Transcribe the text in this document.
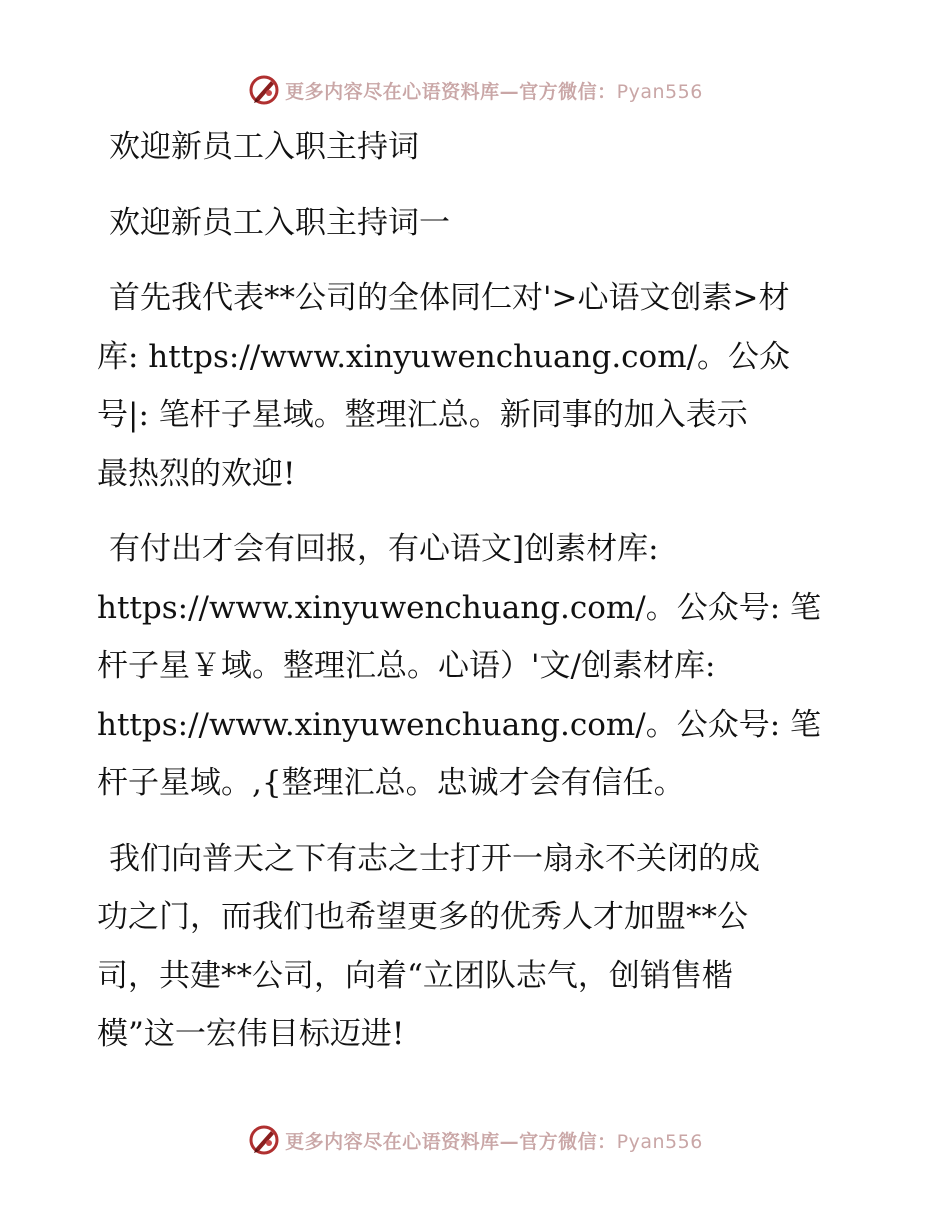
更多内容尽在心语资料库—官方微信：Pyan556
欢迎新员工入职主持词
欢迎新员工入职主持词一
首先我代表**公司的全体同仁对'>心语文创素>材
库: https://www.xinyuwenchuang.com/。公众
号|: 笔杆子星域。整理汇总。新同事的加入表示
最热烈的欢迎!
有付出才会有回报，有心语文]创素材库:
https://www.xinyuwenchuang.com/。公众号: 笔
杆子星￥域。整理汇总。心语）'文/创素材库:
https://www.xinyuwenchuang.com/。公众号: 笔
杆子星域。,{整理汇总。忠诚才会有信任。
我们向普天之下有志之士打开一扇永不关闭的成
功之门，而我们也希望更多的优秀人才加盟**公
司，共建**公司，向着“立团队志气，创销售楷
模”这一宏伟目标迈进!
更多内容尽在心语资料库—官方微信：Pyan556
